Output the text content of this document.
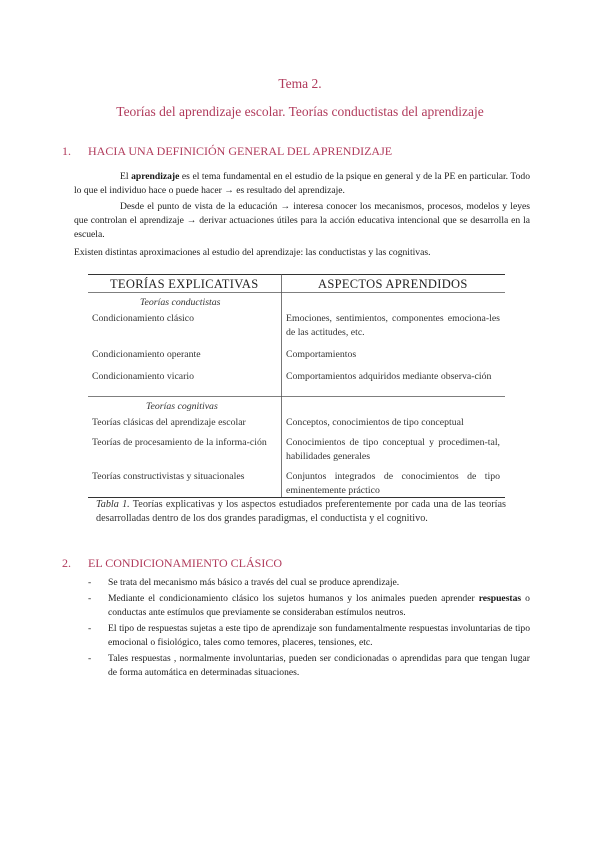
Tema 2.
Teorías del aprendizaje escolar. Teorías conductistas del aprendizaje
1. HACIA UNA DEFINICIÓN GENERAL DEL APRENDIZAJE
El aprendizaje es el tema fundamental en el estudio de la psique en general y de la PE en particular. Todo lo que el individuo hace o puede hacer → es resultado del aprendizaje.
Desde el punto de vista de la educación → interesa conocer los mecanismos, procesos, modelos y leyes que controlan el aprendizaje → derivar actuaciones útiles para la acción educativa intencional que se desarrolla en la escuela.
Existen distintas aproximaciones al estudio del aprendizaje: las conductistas y las cognitivas.
TEORÍAS EXPLICATIVAS	ASPECTOS APRENDIDOS
Teorías conductistas
Condicionamiento clásico	Emociones, sentimientos, componentes emociona-les de las actitudes, etc.
Condicionamiento operante	Comportamientos
Condicionamiento vicario	Comportamientos adquiridos mediante observa-ción
Teorías cognitivas
Teorías clásicas del aprendizaje escolar	Conceptos, conocimientos de tipo conceptual
Teorías de procesamiento de la informa-ción	Conocimientos de tipo conceptual y procedimen-tal, habilidades generales
Teorías constructivistas y situacionales	Conjuntos integrados de conocimientos de tipo eminentemente práctico
Tabla 1. Teorías explicativas y los aspectos estudiados preferentemente por cada una de las teorías desarrolladas dentro de los dos grandes paradigmas, el conductista y el cognitivo.
2. EL CONDICIONAMIENTO CLÁSICO
- Se trata del mecanismo más básico a través del cual se produce aprendizaje.
- Mediante el condicionamiento clásico los sujetos humanos y los animales pueden aprender respuestas o conductas ante estímulos que previamente se consideraban estímulos neutros.
- El tipo de respuestas sujetas a este tipo de aprendizaje son fundamentalmente respuestas involuntarias de tipo emocional o fisiológico, tales como temores, placeres, tensiones, etc.
- Tales respuestas , normalmente involuntarias, pueden ser condicionadas o aprendidas para que tengan lugar de forma automática en determinadas situaciones.
